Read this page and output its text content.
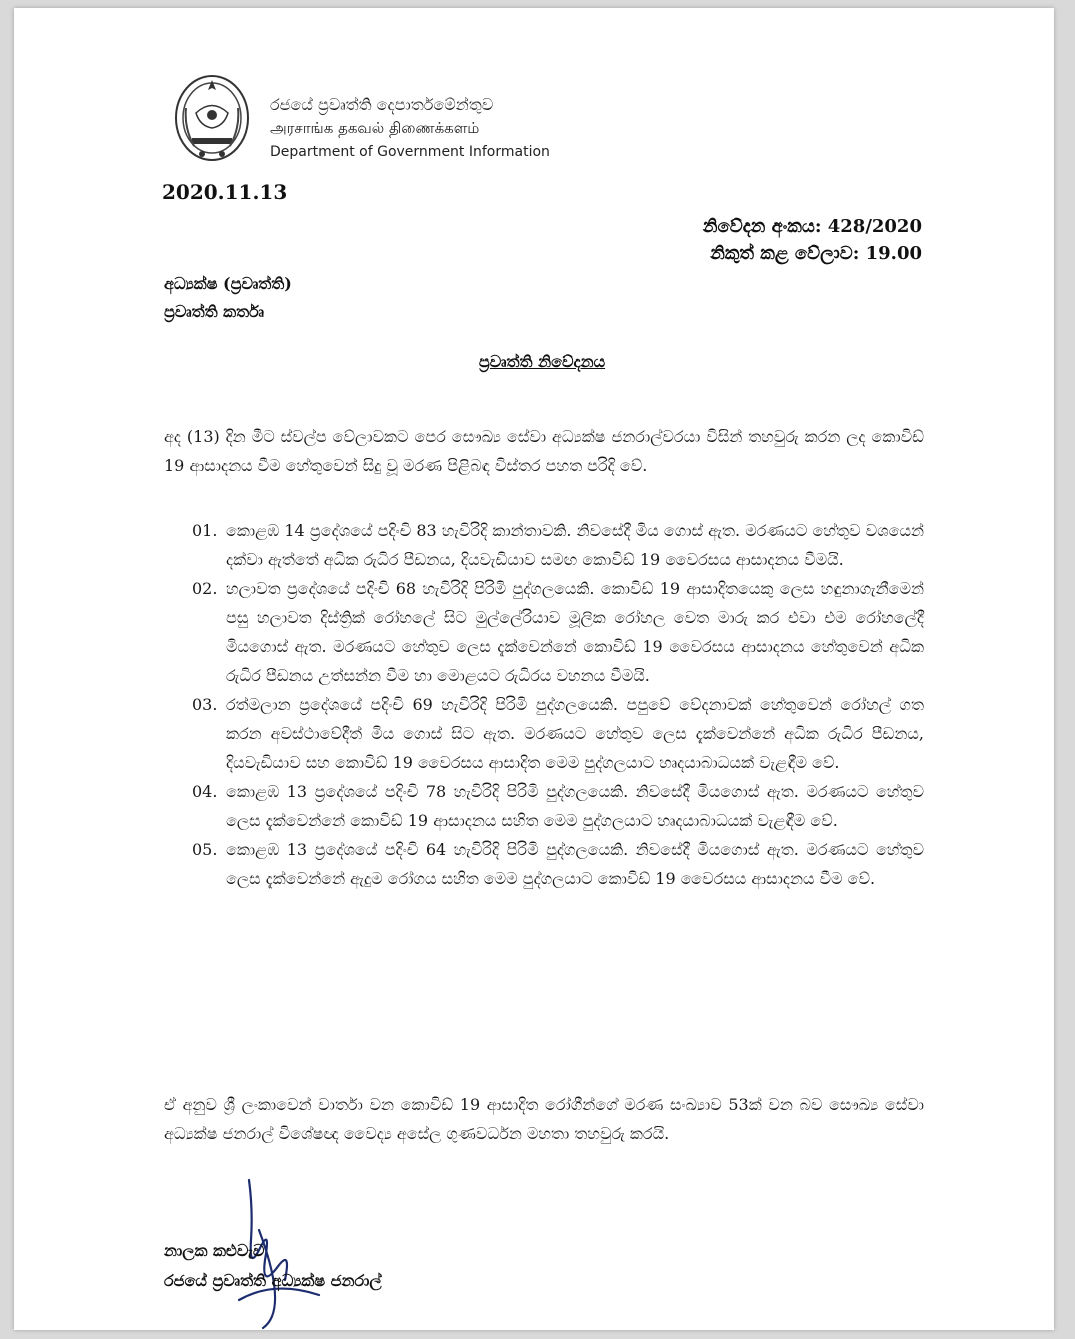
රජයේ ප්‍රවෘත්ති දෙපාර්තමේන්තුව
அரசாங்க தகவல் திணைக்களம்
Department of Government Information
2020.11.13
නිවේදන අංකය: 428/2020
නිකුත් කළ වේලාව: 19.00
අධ්‍යක්ෂ (ප්‍රවෘත්ති)
ප්‍රවෘත්ති කර්තෘ
ප්‍රවෘත්ති නිවේදනය

අද (13) දින මීට ස්වල්ප වේලාවකට පෙර සෞඛ්‍ය සේවා අධ්‍යක්ෂ ජනරාල්වරයා විසින් තහවුරු කරන ලද කොවිඩ් 19 ආසාදනය වීම හේතුවෙන් සිදු වූ මරණ පිළිබඳ විස්තර පහත පරිදි වේ.

01. කොළඹ 14 ප්‍රදේශයේ පදිංචි 83 හැවිරිදි කාන්තාවකි. නිවසේදී මිය ගොස් ඇත. මරණයට හේතුව වශයෙන් දක්වා ඇත්තේ අධික රුධිර පීඩනය, දියවැඩියාව සමඟ කොවිඩ් 19 වෛරසය ආසාදනය වීමයි.
02. හලාවත ප්‍රදේශයේ පදිංචි 68 හැවිරිදි පිරිමි පුද්ගලයෙකි. කොවිඩ් 19 ආසාදිතයෙකු ලෙස හඳුනාගැනීමෙන් පසු හලාවත දිස්ත්‍රික් රෝහලේ සිට මුල්ලේරියාව මූලික රෝහල වෙත මාරු කර එවා එම රෝහලේදී මියගොස් ඇත. මරණයට හේතුව ලෙස දැක්වෙන්නේ කොවිඩ් 19 වෛරසය ආසාදනය හේතුවෙන් අධික රුධිර පීඩනය උත්සන්න වීම හා මොළයට රුධිරය වහනය වීමයි.
03. රත්මලාන ප්‍රදේශයේ පදිංචි 69 හැවිරිදි පිරිමි පුද්ගලයෙකි. පපුවේ වේදනාවක් හේතුවෙන් රෝහල් ගත කරන අවස්ථාවේදීත් මිය ගොස් සිට ඇත. මරණයට හේතුව ලෙස දැක්වෙන්නේ අධික රුධිර පීඩනය, දියවැඩියාව සහ කොවිඩ් 19 වෛරසය ආසාදිත මෙම පුද්ගලයාට හෘදයාබාධයක් වැළඳීම වේ.
04. කොළඹ 13 ප්‍රදේශයේ පදිංචි 78 හැවිරිදි පිරිමි පුද්ගලයෙකි. නිවසේදී මියගොස් ඇත. මරණයට හේතුව ලෙස දැක්වෙන්නේ කොවිඩ් 19 ආසාදනය සහිත මෙම පුද්ගලයාට හෘදයාබාධයක් වැළඳීම වේ.
05. කොළඹ 13 ප්‍රදේශයේ පදිංචි 64 හැවිරිදි පිරිමි පුද්ගලයෙකි. නිවසේදී මියගොස් ඇත. මරණයට හේතුව ලෙස දැක්වෙන්නේ ඇදුම රෝගය සහිත මෙම පුද්ගලයාට කොවිඩ් 19 වෛරසය ආසාදනය වීම වේ.

ඒ අනුව ශ්‍රී ලංකාවෙන් වාර්තා වන කොවිඩ් 19 ආසාදිත රෝගීන්ගේ මරණ සංඛ්‍යාව 53ක් වන බව සෞඛ්‍ය සේවා අධ්‍යක්ෂ ජනරාල් විශේෂඥ වෛද්‍ය අසේල ගුණවර්ධන මහතා තහවුරු කරයි.

නාලක කළුවැව
රජයේ ප්‍රවෘත්ති අධ්‍යක්ෂ ජනරාල්
